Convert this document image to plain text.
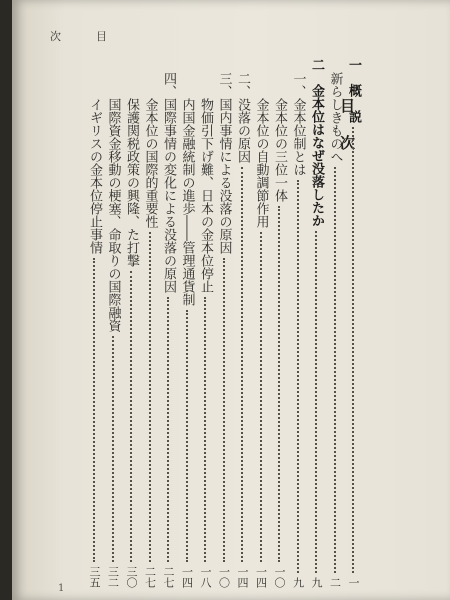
次	目
目次
一　概　説
一
新らしきものへ
二
二　金本位はなぜ没落したか
九
一、金本位制とは
九
金本位の三位一体
一〇
金本位の自動調節作用
一四
二、没落の原因
一四
三、国内事情による没落の原因
一〇
物価引下げ難、日本の金本位停止
一八
内国金融統制の進歩――管理通貨制
一四
四、国際事情の変化による没落の原因
二七
金本位の国際的重要性
二七
保護関税政策の興隆、た打撃
三〇
国際資金移動の梗塞、命取りの国際融資
三二
イギリスの金本位停止事情
三五
1
